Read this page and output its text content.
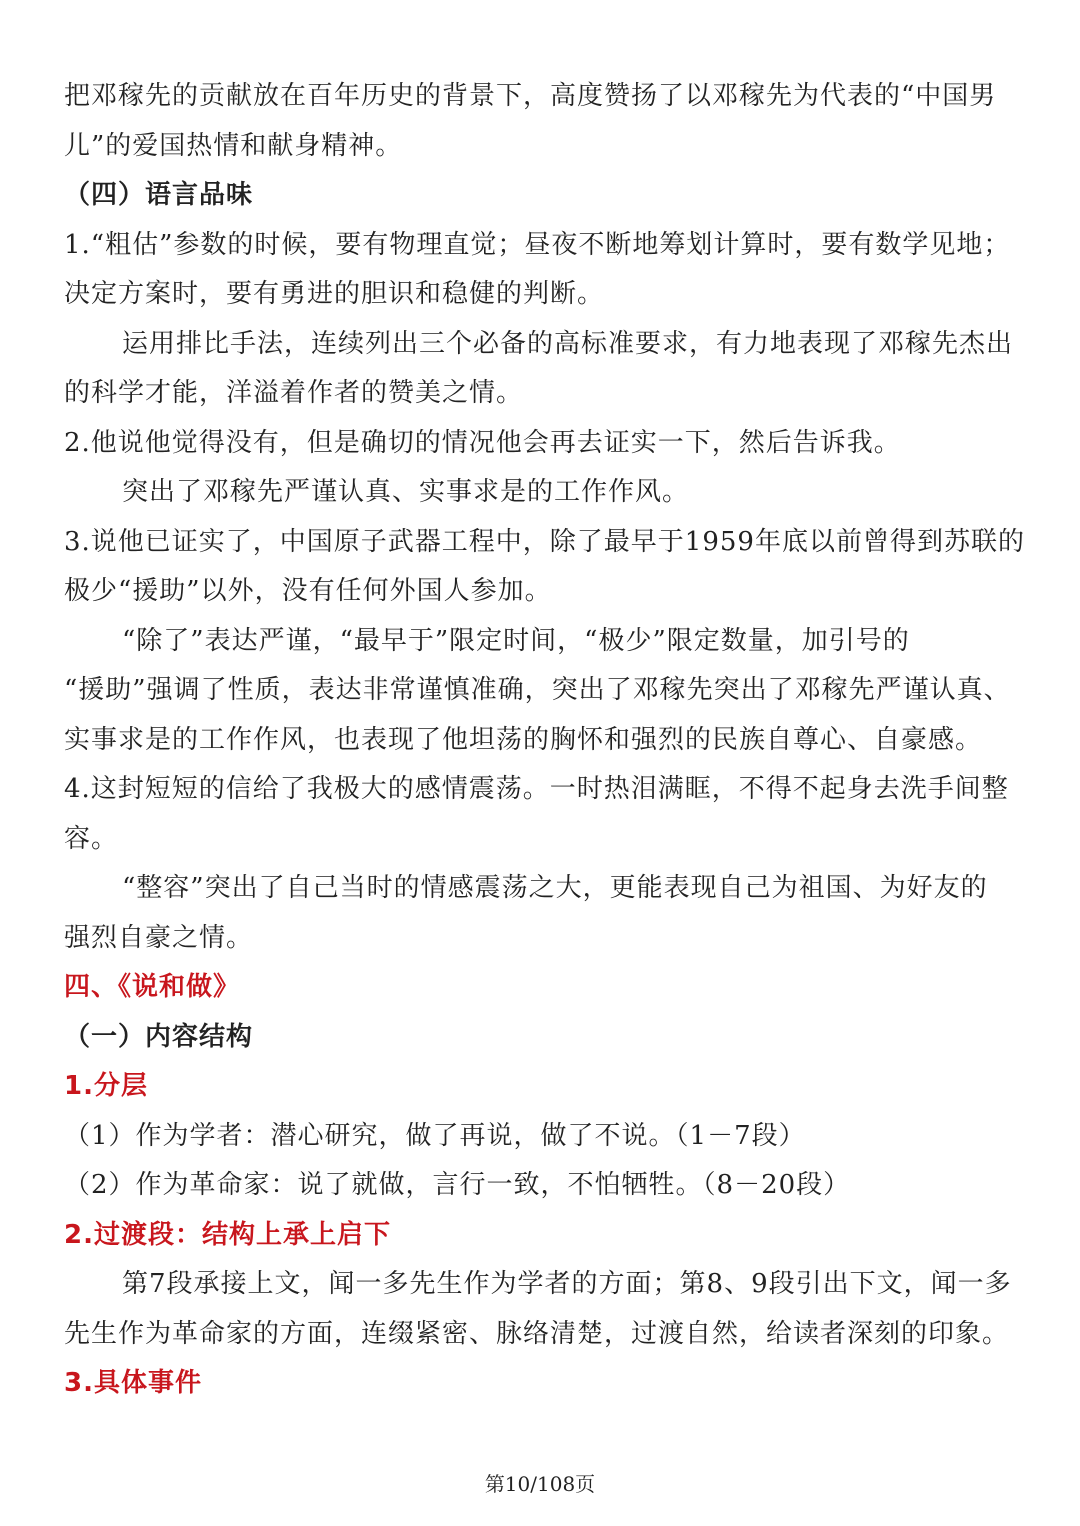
把邓稼先的贡献放在百年历史的背景下，高度赞扬了以邓稼先为代表的“中国男
儿”的爱国热情和献身精神。
（四）语言品味
1.“粗估”参数的时候，要有物理直觉；昼夜不断地筹划计算时，要有数学见地；
决定方案时，要有勇进的胆识和稳健的判断。
运用排比手法，连续列出三个必备的高标准要求，有力地表现了邓稼先杰出
的科学才能，洋溢着作者的赞美之情。
2.他说他觉得没有，但是确切的情况他会再去证实一下，然后告诉我。
突出了邓稼先严谨认真、实事求是的工作作风。
3.说他已证实了，中国原子武器工程中，除了最早于1959年底以前曾得到苏联的
极少“援助”以外，没有任何外国人参加。
“除了”表达严谨，“最早于”限定时间，“极少”限定数量，加引号的
“援助”强调了性质，表达非常谨慎准确，突出了邓稼先突出了邓稼先严谨认真、
实事求是的工作作风，也表现了他坦荡的胸怀和强烈的民族自尊心、自豪感。
4.这封短短的信给了我极大的感情震荡。一时热泪满眶，不得不起身去洗手间整
容。
“整容”突出了自己当时的情感震荡之大，更能表现自己为祖国、为好友的
强烈自豪之情。
四、《说和做》
（一）内容结构
1.分层
（1）作为学者：潜心研究，做了再说，做了不说。（1－7段）
（2）作为革命家：说了就做，言行一致，不怕牺牲。（8－20段）
2.过渡段：结构上承上启下
第7段承接上文，闻一多先生作为学者的方面；第8、9段引出下文，闻一多
先生作为革命家的方面，连缀紧密、脉络清楚，过渡自然，给读者深刻的印象。
3.具体事件
第10/108页
